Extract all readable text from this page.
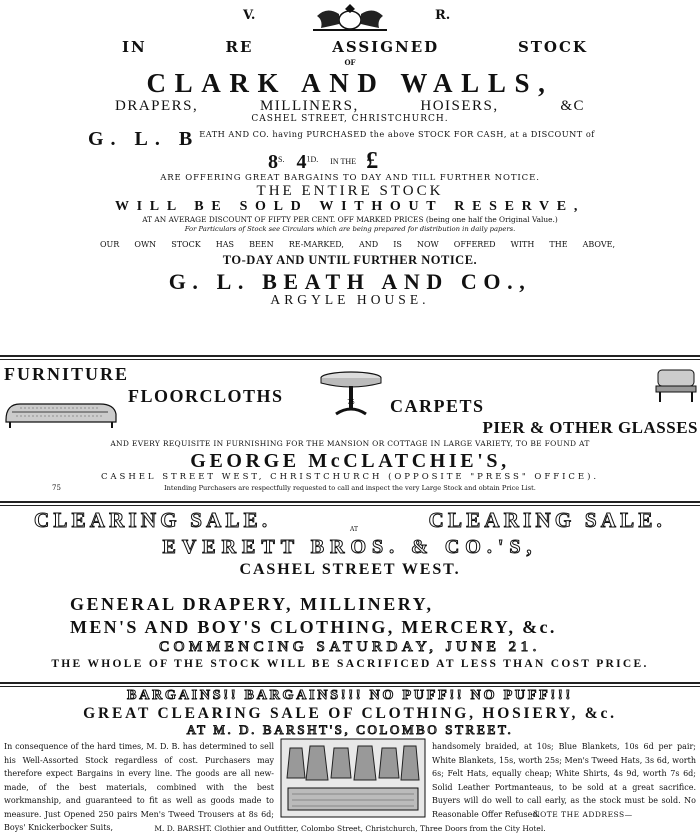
V.	R.
IN	RE	ASSIGNED	STOCK
OF
CLARK AND WALLS,
DRAPERS,	MILLINERS,	HOISERS,	&C
CASHEL STREET, CHRISTCHURCH.
G. L. $B^{EATH AND CO. having PURCHASED the above STOCK FOR CASH, at a DISCOUNT of}$
$8^{S.}$ $4^{1D.}$ $^{IN THE}$ £
ARE OFFERING GREAT BARGAINS TO DAY AND TILL FURTHER NOTICE.
THE ENTIRE STOCK
WILL BE SOLD WITHOUT RESERVE,
AT AN AVERAGE DISCOUNT OF FIFTY PER CENT. OFF MARKED PRICES (being one half the Original Value.)
For Particulars of Stock see Circulars which are being prepared for distribution in daily papers.
OUR OWN STOCK HAS BEEN RE-MARKED, AND IS NOW OFFERED WITH THE ABOVE,
TO-DAY AND UNTIL FURTHER NOTICE.
G. L. BEATH AND CO.,
ARGYLE HOUSE.
FURNITURE
FLOORCLOTHS	75 CARPETS
PIER & OTHER GLASSES
AND EVERY REQUISITE IN FURNISHING FOR THE MANSION OR COTTAGE IN LARGE VARIETY, TO BE FOUND AT
GEORGE McCLATCHIE'S,
CASHEL STREET WEST, CHRISTCHURCH (OPPOSITE "PRESS" OFFICE).
75	Intending Purchasers are respectfully requested to call and inspect the very Large Stock and obtain Price List.
CLEARING SALE.	AT	CLEARING SALE.
EVERETT BROS. & CO.'S,
CASHEL STREET WEST.
GENERAL DRAPERY, MILLINERY,
MEN'S AND BOY'S CLOTHING, MERCERY, &c.
COMMENCING SATURDAY, JUNE 21.
THE WHOLE OF THE STOCK WILL BE SACRIFICED AT LESS THAN COST PRICE.
BARGAINS!! BARGAINS!!! NO PUFF!! NO PUFF!!!
GREAT CLEARING SALE OF CLOTHING, HOSIERY, &c.
AT M. D. BARSHT'S, COLOMBO STREET.
In consequence of the hard times, M. D. B. has determined to sell his Well-Assorted Stock regardless of cost. Purchasers may therefore expect Bargains in every line. The goods are all new-made, of the best materials, combined with the best workmanship, and guaranteed to fit as well as goods made to measure. Just Opened 250 pairs Men's Tweed Trousers at 8s 6d; Boys' Knickerbocker Suits,
handsomely braided, at 10s; Blue Blankets, 10s 6d per pair; White Blankets, 15s, worth 25s; Men's Tweed Hats, 3s 6d, worth 6s; Felt Hats, equally cheap; White Shirts, 4s 9d, worth 7s 6d; Solid Leather Portmanteaus, to be sold at a great sacrifice. Buyers will do well to call early, as the stock must be sold. No Reasonable Offer Refused.
NOTE THE ADDRESS—
M. D. BARSHT. Clothier and Outfitter, Colombo Street, Christchurch, Three Doors from the City Hotel.
